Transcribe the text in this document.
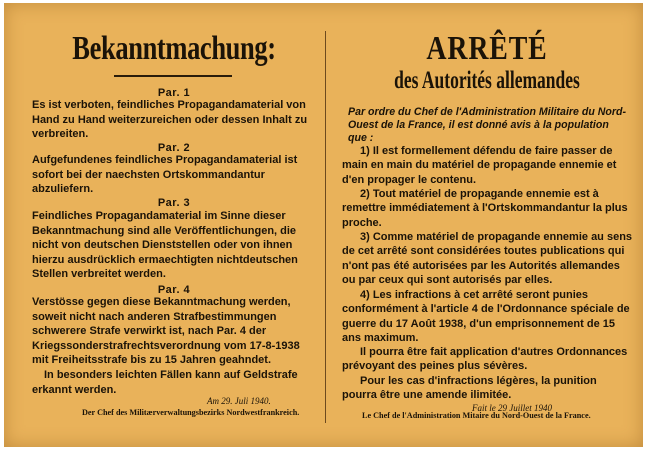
Bekanntmachung:
Par. 1
Es ist verboten, feindliches Propagandamaterial von Hand zu Hand weiterzureichen oder dessen Inhalt zu verbreiten.
Par. 2
Aufgefundenes feindliches Propagandamaterial ist sofort bei der naechsten Ortskommandantur abzuliefern.
Par. 3
Feindliches Propagandamaterial im Sinne dieser Bekanntmachung sind alle Veröffentlichungen, die nicht von deutschen Dienststellen oder von ihnen hierzu ausdrücklich ermaechtigten nichtdeutschen Stellen verbreitet werden.
Par. 4
Verstösse gegen diese Bekanntmachung werden, soweit nicht nach anderen Strafbestimmungen schwerere Strafe verwirkt ist, nach Par. 4 der Kriegssonderstrafrechtsverordnung vom 17-8-1938 mit Freiheitsstrafe bis zu 15 Jahren geahndet.
In besonders leichten Fällen kann auf Geldstrafe erkannt werden.
Am 29. Juli 1940.
Der Chef des Militærverwaltungsbezirks Nordwestfrankreich.
ARRÊTÉ
des Autorités allemandes
Par ordre du Chef de l'Administration Militaire du Nord-Ouest de la France, il est donné avis à la population que :
1) Il est formellement défendu de faire passer de main en main du matériel de propagande ennemie et d'en propager le contenu.
2) Tout matériel de propagande ennemie est à remettre immédiatement à l'Ortskommandantur la plus proche.
3) Comme matériel de propagande ennemie au sens de cet arrêté sont considérées toutes publications qui n'ont pas été autorisées par les Autorités allemandes ou par ceux qui sont autorisés par elles.
4) Les infractions à cet arrêté seront punies conformément à l'article 4 de l'Ordonnance spéciale de guerre du 17 Août 1938, d'un emprisonnement de 15 ans maximum.
Il pourra être fait application d'autres Ordonnances prévoyant des peines plus sévères.
Pour les cas d'infractions légères, la punition pourra être une amende ilimitée.
Fait le 29 Juillet 1940
Le Chef de l'Administration Mitaire du Nord-Ouest de la France.
